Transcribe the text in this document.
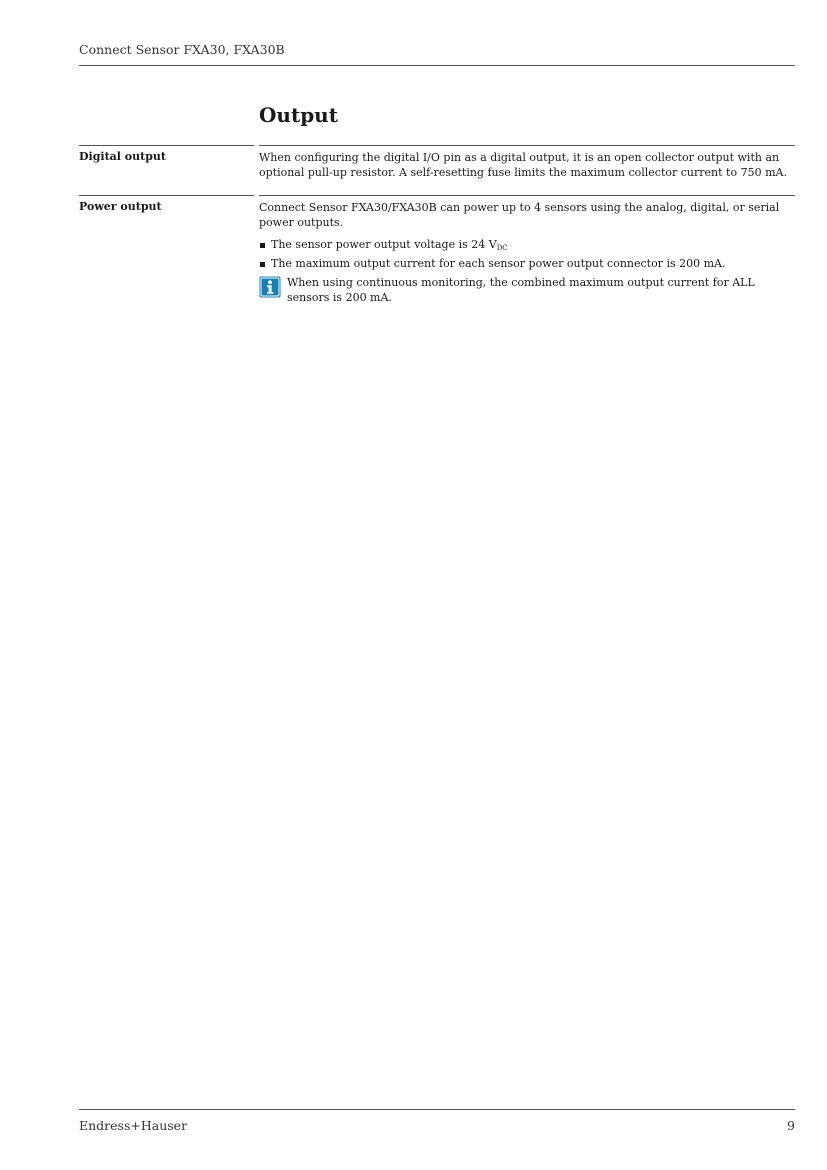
Connect Sensor FXA30, FXA30B
Output
Digital output	When configuring the digital I/O pin as a digital output, it is an open collector output with an optional pull-up resistor. A self-resetting fuse limits the maximum collector current to 750 mA.

Power output	Connect Sensor FXA30/FXA30B can power up to 4 sensors using the analog, digital, or serial power outputs.

The sensor power output voltage is 24 $V_{DC}$
The maximum output current for each sensor power output connector is 200 mA.
When using continuous monitoring, the combined maximum output current for ALL sensors is 200 mA.
Endress+Hauser	9
